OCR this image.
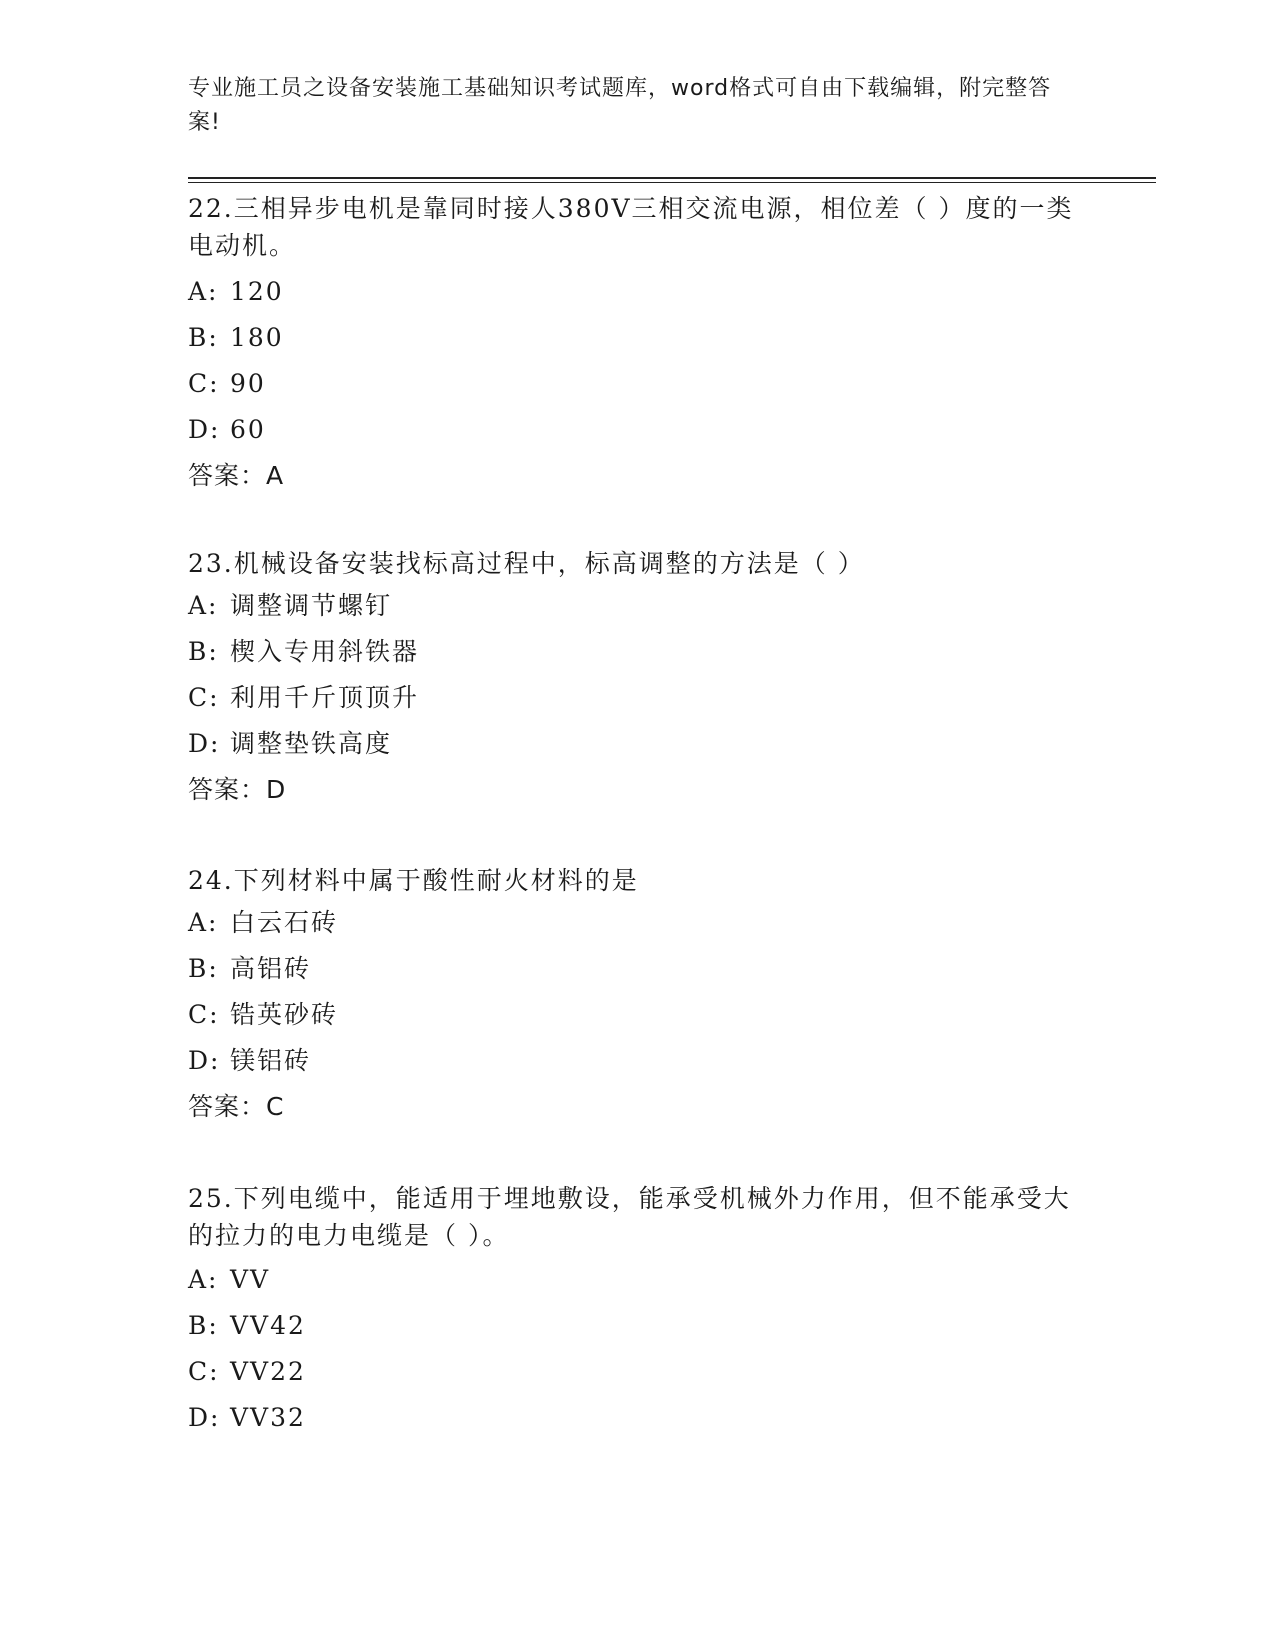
专业施工员之设备安装施工基础知识考试题库，word格式可自由下载编辑，附完整答案!

22.三相异步电机是靠同时接人380V三相交流电源，相位差（ ）度的一类电动机。

A: 120

B: 180

C: 90

D: 60

答案：A

23.机械设备安装找标高过程中，标高调整的方法是（ ）

A: 调整调节螺钉

B: 楔入专用斜铁器

C: 利用千斤顶顶升

D: 调整垫铁高度

答案：D

24.下列材料中属于酸性耐火材料的是

A: 白云石砖

B: 高铝砖

C: 锆英砂砖

D: 镁铝砖

答案：C

25.下列电缆中，能适用于埋地敷设，能承受机械外力作用，但不能承受大的拉力的电力电缆是（ ）。

A: VV

B: VV42

C: VV22

D: VV32
